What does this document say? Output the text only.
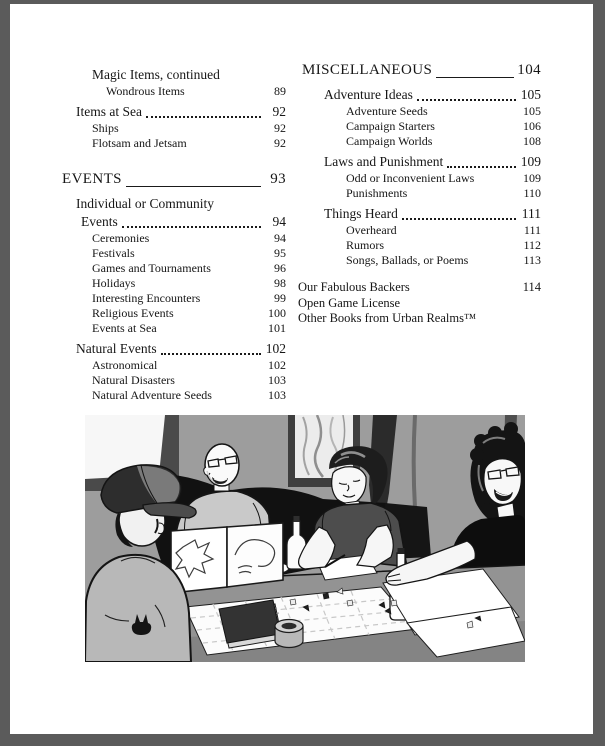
Magic Items, continued
Wondrous Items	89
Items at Sea	92
Ships	92
Flotsam and Jetsam	92
EVENTS	93
Individual or Community
Events	94
Ceremonies	94
Festivals	95
Games and Tournaments	96
Holidays	98
Interesting Encounters	99
Religious Events	100
Events at Sea	101
Natural Events	102
Astronomical	102
Natural Disasters	103
Natural Adventure Seeds	103
MISCELLANEOUS	104
Adventure Ideas	105
Adventure Seeds	105
Campaign Starters	106
Campaign Worlds	108
Laws and Punishment	109
Odd or Inconvenient Laws	109
Punishments	110
Things Heard	111
Overheard	111
Rumors	112
Songs, Ballads, or Poems	113
Our Fabulous Backers	114
Open Game License
Other Books from Urban Realms™
